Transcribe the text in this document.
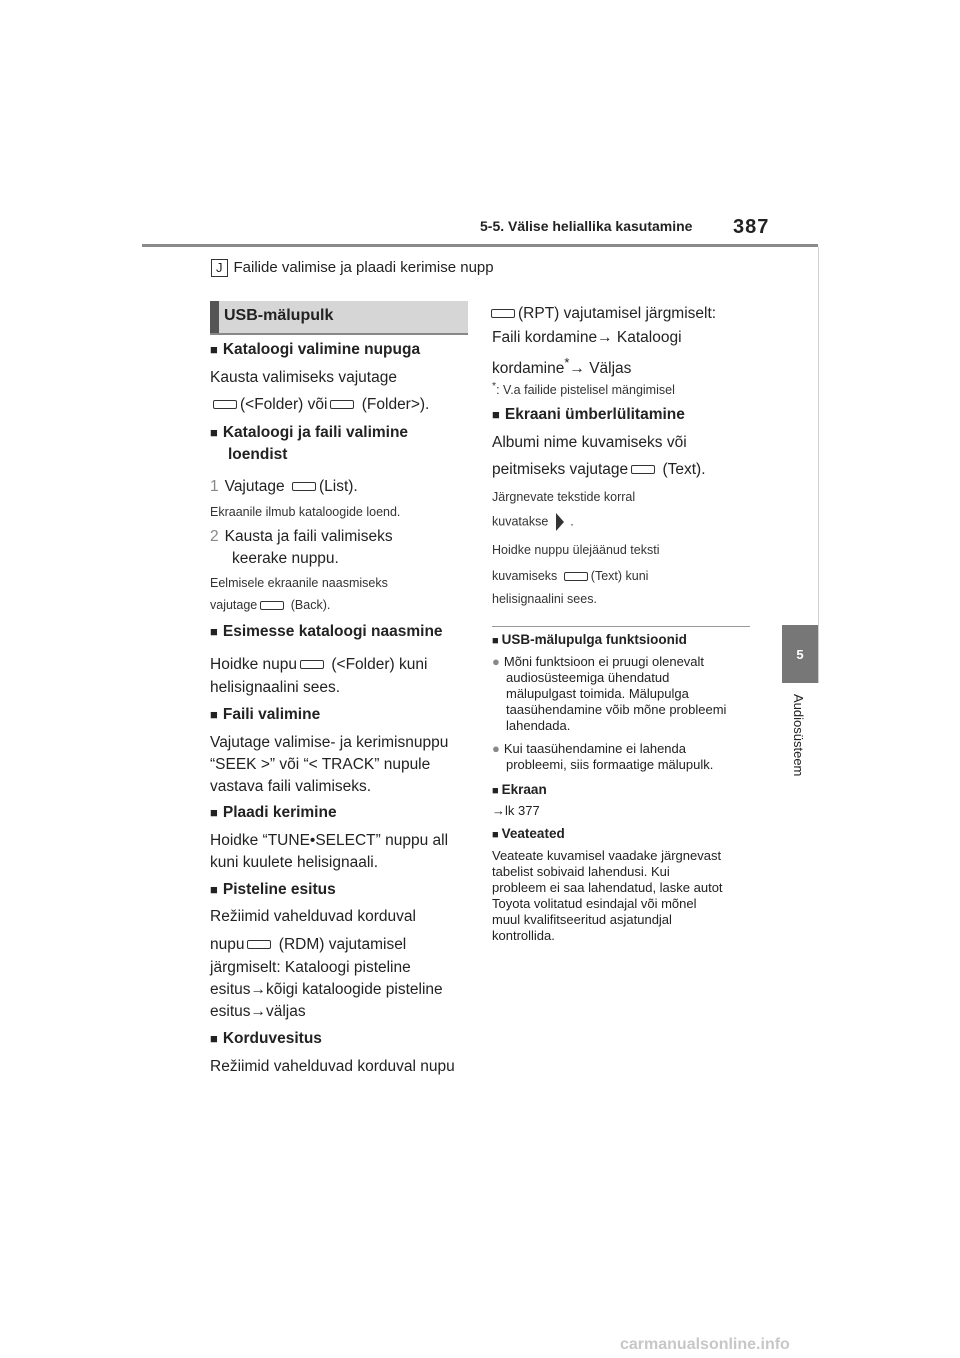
5-5. Välise heliallika kasutamine 387
5
Audiosüsteem
J Failide valimise ja plaadi kerimise nupp
USB-mälupulk
■ Kataloogi valimine nupuga
Kausta valimiseks vajutage
(<Folder) või (Folder>).
■ Kataloogi ja faili valimine
loendist
1 Vajutage (List).
Ekraanile ilmub kataloogide loend.
2 Kausta ja faili valimiseks
keerake nuppu.
Eelmisele ekraanile naasmiseks
vajutage	(Back).
■ Esimesse kataloogi naasmine
Hoidke nupu (<Folder) kuni
helisignaalini sees.
■ Faili valimine
Vajutage valimise- ja kerimisnuppu
“SEEK >” või “< TRACK” nupule
vastava faili valimiseks.
■ Plaadi kerimine
Hoidke “TUNE•SELECT” nuppu all
kuni kuulete helisignaali.
■ Pisteline esitus
Režiimid vahelduvad korduval
nupu (RDM) vajutamisel
järgmiselt: Kataloogi pisteline
esitus→kõigi kataloogide pisteline
esitus→väljas
■ Korduvesitus
Režiimid vahelduvad korduval nupu
(RPT) vajutamisel järgmiselt:
Faili kordamine→ Kataloogi
kordamine*→ Väljas
*: V.a failide pistelisel mängimisel
■ Ekraani ümberlülitamine
Albumi nime kuvamiseks või
peitmiseks vajutage (Text).
Järgnevate tekstide korral
kuvatakse .
Hoidke nuppu ülejäänud teksti
kuvamiseks	(Text) kuni
helisignaalini sees.
■ USB-mälupulga funktsioonid
● Mõni funktsioon ei pruugi olenevalt
audiosüsteemiga ühendatud
mälupulgast toimida. Mälupulga
taasühendamine võib mõne probleemi
lahendada.
● Kui taasühendamine ei lahenda
probleemi, siis formaatige mälupulk.
■ Ekraan
→lk 377
■ Veateated
Veateate kuvamisel vaadake järgnevast
tabelist sobivaid lahendusi. Kui
probleem ei saa lahendatud, laske autot
Toyota volitatud esindajal või mõnel
muul kvalifitseeritud asjatundjal
kontrollida.
carmanualsonline.info
